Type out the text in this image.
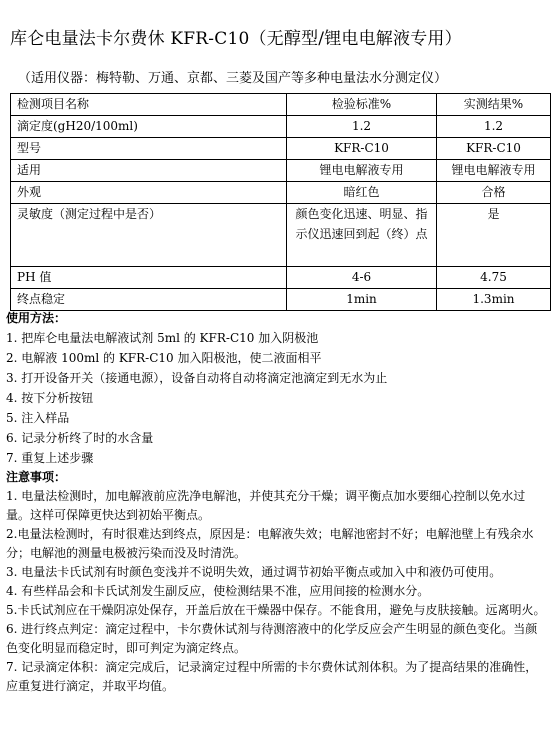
库仑电量法卡尔费休 KFR-C10（无醇型/锂电电解液专用）
（适用仪器：梅特勒、万通、京都、三菱及国产等多种电量法水分测定仪）
检测项目名称	检验标准%	实测结果%
滴定度(gH20/100ml)	1.2	1.2
型号	KFR-C10	KFR-C10
适用	锂电电解液专用	锂电电解液专用
外观	暗红色	合格
灵敏度（测定过程中是否）	颜色变化迅速、明显、指示仪迅速回到起（终）点	是
PH 值	4-6	4.75
终点稳定	1min	1.3min

使用方法：

1. 把库仑电量法电解液试剂 5ml 的 KFR-C10 加入阴极池

2. 电解液 100ml 的 KFR-C10 加入阳极池，使二液面相平

3. 打开设备开关（接通电源），设备自动将自动将滴定池滴定到无水为止

4. 按下分析按钮

5. 注入样品

6. 记录分析终了时的水含量

7. 重复上述步骤

注意事项：

1. 电量法检测时，加电解液前应洗净电解池，并使其充分干燥；调平衡点加水要细心控制以免水过量。这样可保障更快达到初始平衡点。

2.电量法检测时，有时很难达到终点，原因是：电解液失效；电解池密封不好；电解池壁上有残余水分；电解池的测量电极被污染而没及时清洗。

3. 电量法卡氏试剂有时颜色变浅并不说明失效，通过调节初始平衡点或加入中和液仍可使用。

4. 有些样品会和卡氏试剂发生副反应，使检测结果不准，应用间接的检测水分。

5.卡氏试剂应在干燥阴凉处保存，开盖后放在干燥器中保存。不能食用，避免与皮肤接触。远离明火。

6. 进行终点判定：滴定过程中，卡尔费休试剂与待测溶液中的化学反应会产生明显的颜色变化。当颜色变化明显而稳定时，即可判定为滴定终点。

7. 记录滴定体积：滴定完成后，记录滴定过程中所需的卡尔费休试剂体积。为了提高结果的准确性，应重复进行滴定，并取平均值。
